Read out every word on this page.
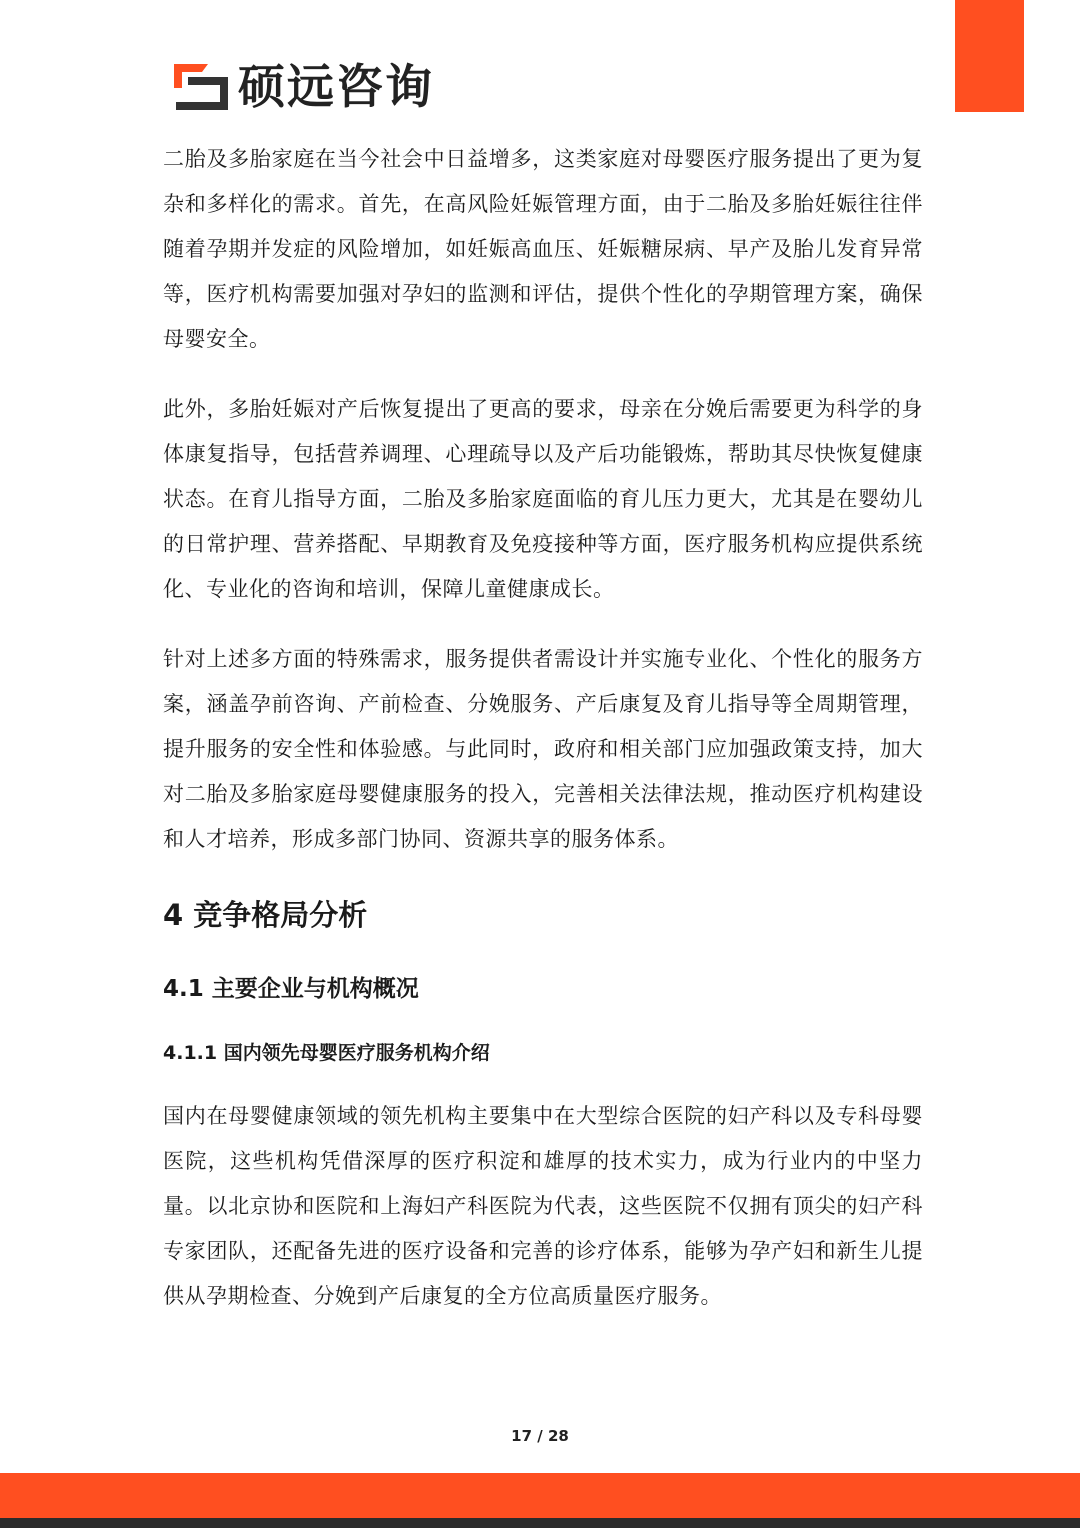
硕远咨询

二胎及多胎家庭在当今社会中日益增多，这类家庭对母婴医疗服务提出了更为复杂和多样化的需求。首先，在高风险妊娠管理方面，由于二胎及多胎妊娠往往伴随着孕期并发症的风险增加，如妊娠高血压、妊娠糖尿病、早产及胎儿发育异常等，医疗机构需要加强对孕妇的监测和评估，提供个性化的孕期管理方案，确保母婴安全。

此外，多胎妊娠对产后恢复提出了更高的要求，母亲在分娩后需要更为科学的身体康复指导，包括营养调理、心理疏导以及产后功能锻炼，帮助其尽快恢复健康状态。在育儿指导方面，二胎及多胎家庭面临的育儿压力更大，尤其是在婴幼儿的日常护理、营养搭配、早期教育及免疫接种等方面，医疗服务机构应提供系统化、专业化的咨询和培训，保障儿童健康成长。

针对上述多方面的特殊需求，服务提供者需设计并实施专业化、个性化的服务方案，涵盖孕前咨询、产前检查、分娩服务、产后康复及育儿指导等全周期管理，提升服务的安全性和体验感。与此同时，政府和相关部门应加强政策支持，加大对二胎及多胎家庭母婴健康服务的投入，完善相关法律法规，推动医疗机构建设和人才培养，形成多部门协同、资源共享的服务体系。

4 竞争格局分析
4.1 主要企业与机构概况
4.1.1 国内领先母婴医疗服务机构介绍

国内在母婴健康领域的领先机构主要集中在大型综合医院的妇产科以及专科母婴医院，这些机构凭借深厚的医疗积淀和雄厚的技术实力，成为行业内的中坚力量。以北京协和医院和上海妇产科医院为代表，这些医院不仅拥有顶尖的妇产科专家团队，还配备先进的医疗设备和完善的诊疗体系，能够为孕产妇和新生儿提供从孕期检查、分娩到产后康复的全方位高质量医疗服务。

17 / 28
